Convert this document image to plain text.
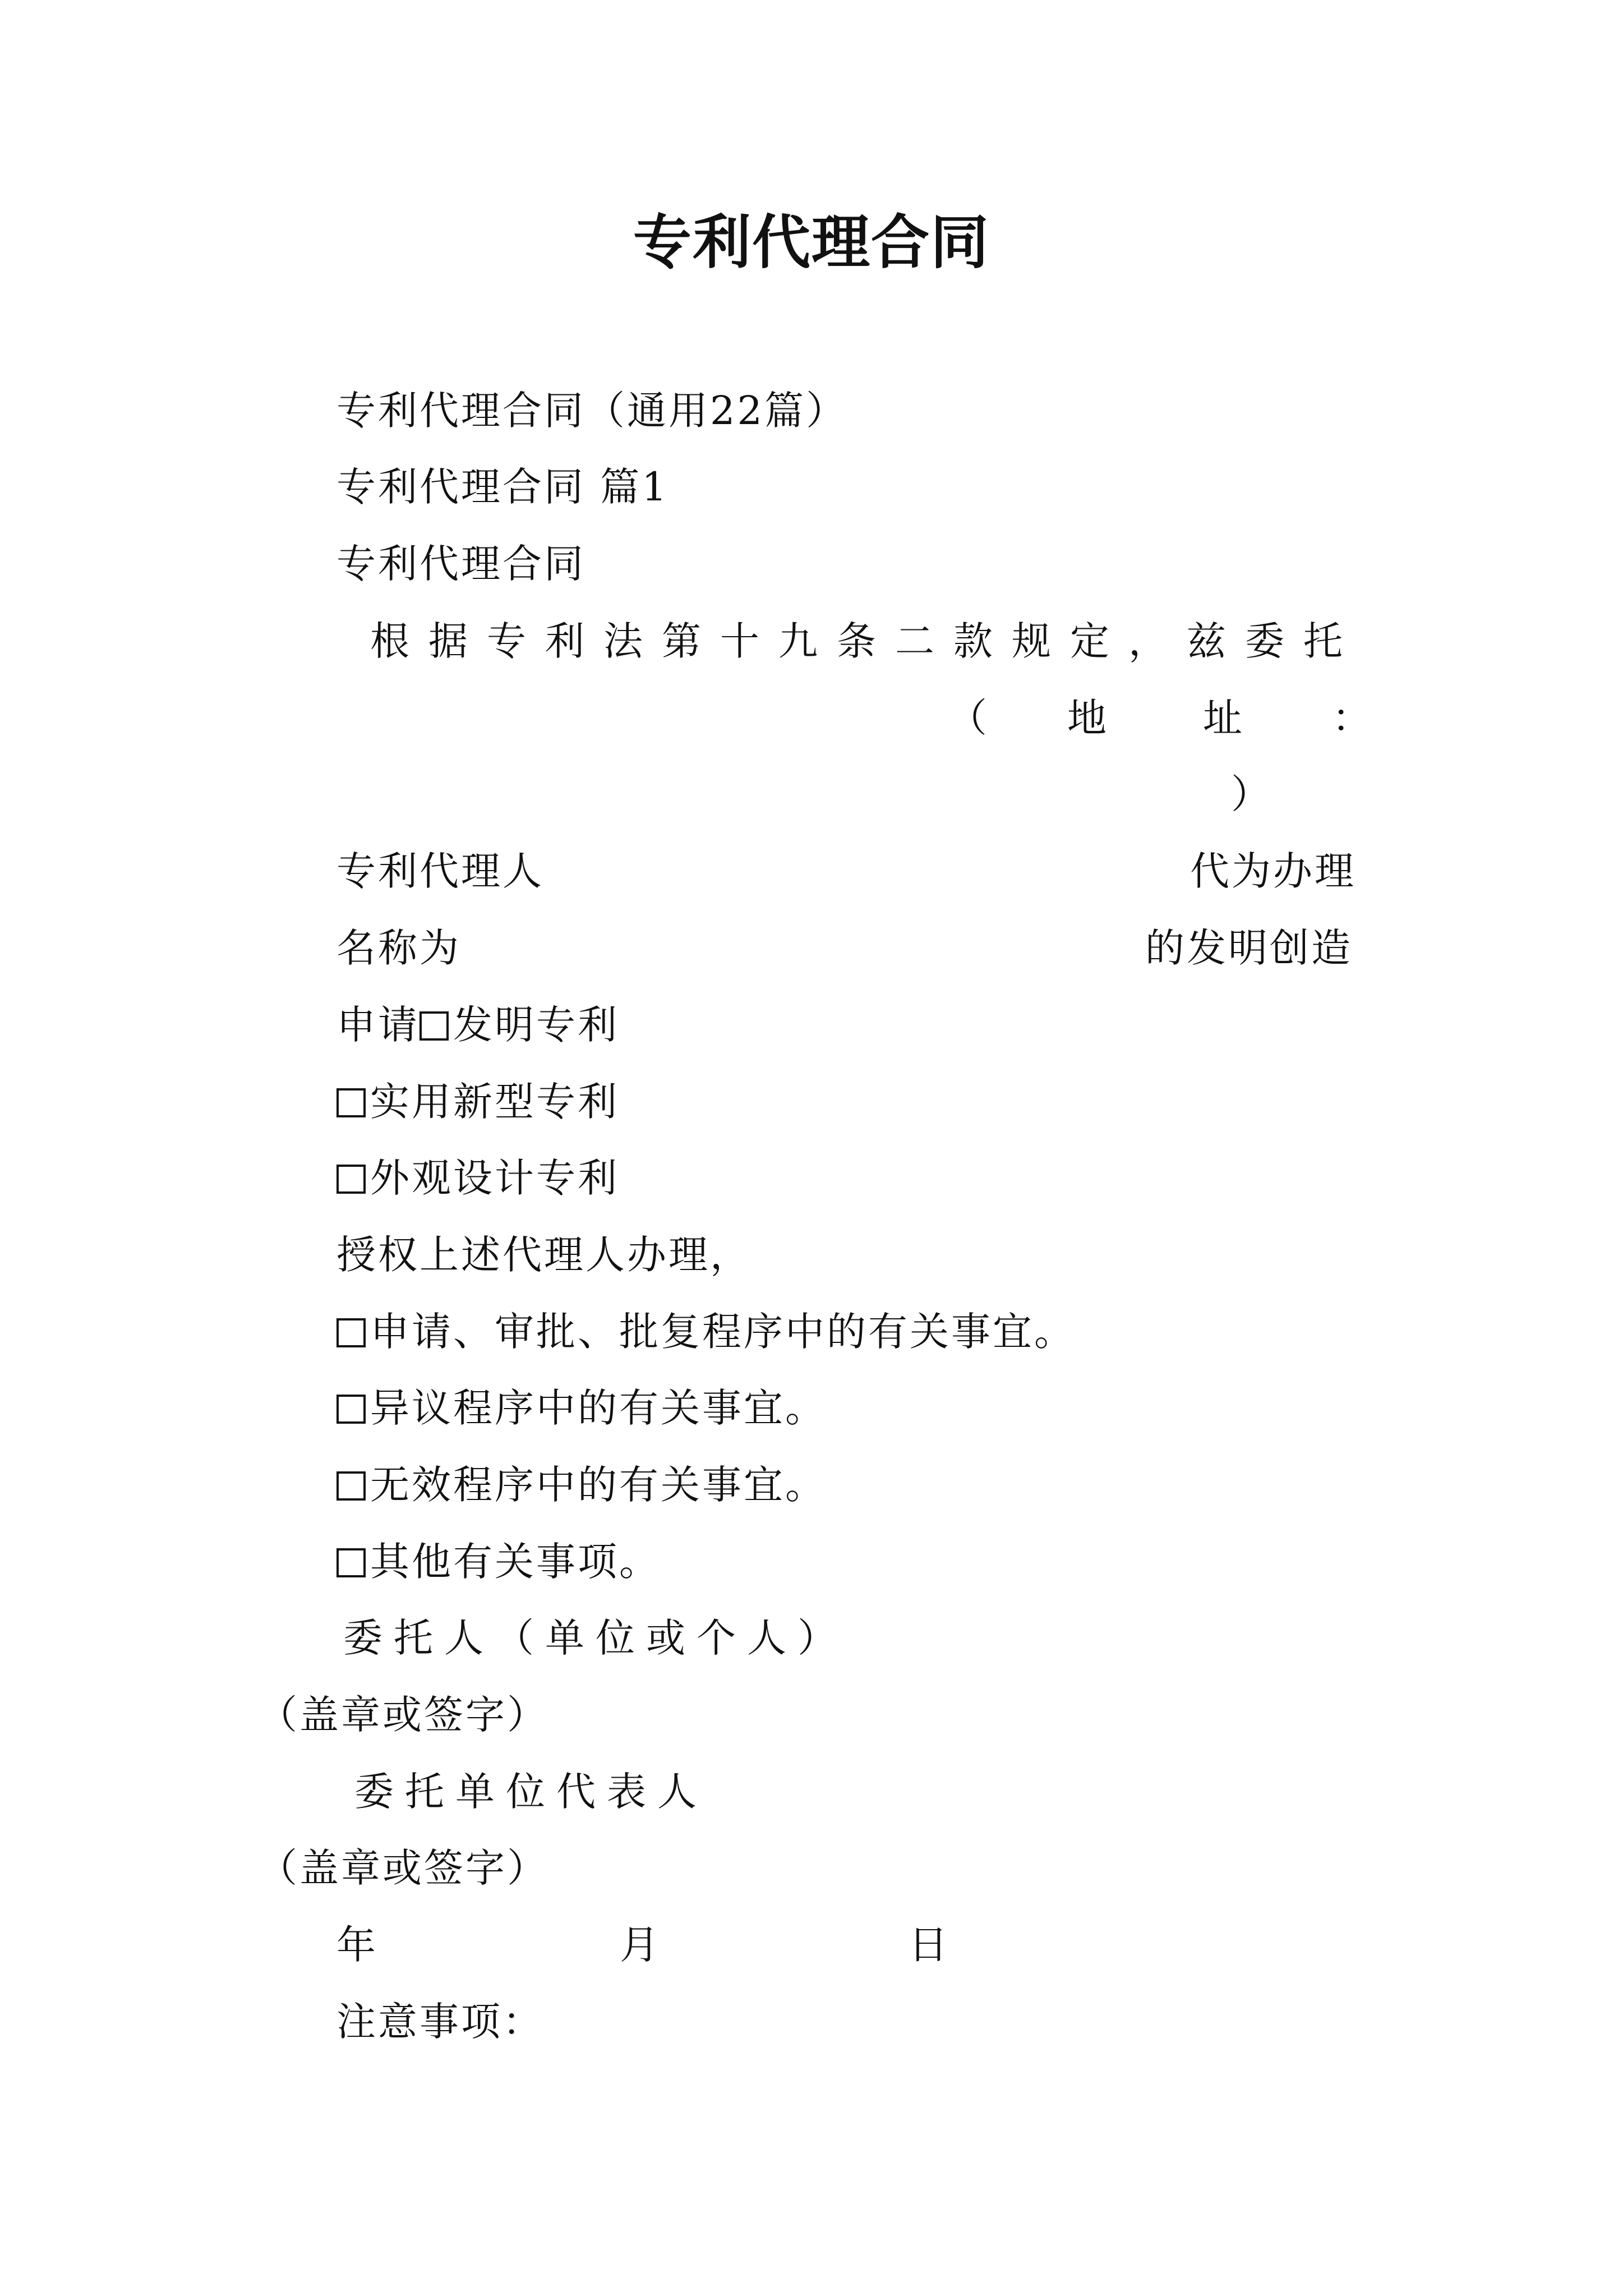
专利代理合同
专利代理合同（通用22篇）
专利代理合同 篇1
专利代理合同
根据专利法第十九条二款规定，兹委托
（ 地 址 ：
）
专利代理人	代为办理
名称为	的发明创造
申请 发明专利
实用新型专利
外观设计专利
授权上述代理人办理，
申请、审批、批复程序中的有关事宜。
异议程序中的有关事宜。
无效程序中的有关事宜。
其他有关事项。
委托人（单位或个人）
（盖章或签字）
委托单位代表人
（盖章或签字）
年	月	日
注意事项：
